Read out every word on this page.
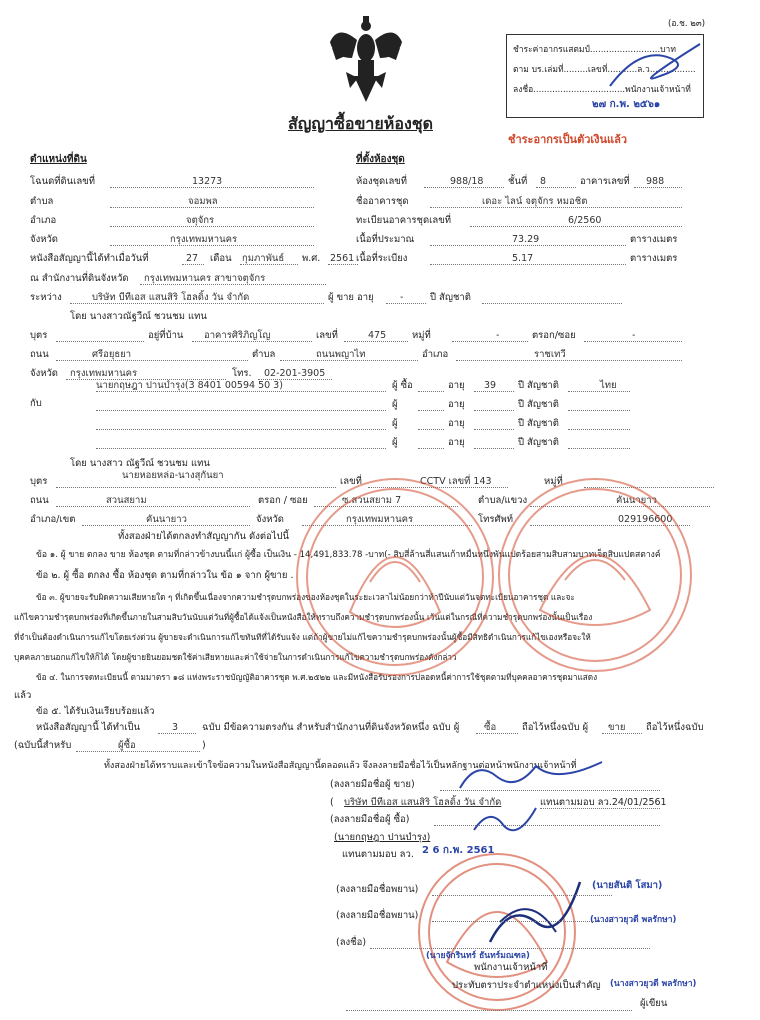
(อ.ช. ๒๓)
ชำระค่าอากรแสตมป์..........................บาท
ตาม บร.เล่มที่.........เลขที่...........ล.ว.................
ลงชื่อ..................................พนักงานเจ้าหน้าที่
๒๗ ก.พ. ๒๕๖๑
สัญญาซื้อขายห้องชุด
ชำระอากรเป็นตัวเงินแล้ว
ตำแหน่งที่ดิน
โฉนดที่ดินเลขที่	13273
ตำบล	จอมพล
อำเภอ	จตุจักร
จังหวัด	กรุงเทพมหานคร
หนังสือสัญญานี้ได้ทำเมื่อวันที่	27 เดือน กุมภาพันธ์ พ.ศ. 2561
ที่ตั้งห้องชุด
ห้องชุดเลขที่	988/18	ชั้นที่ 8	อาคารเลขที่ 988
ชื่ออาคารชุด	เดอะ ไลน์ จตุจักร หมอชิต
ทะเบียนอาคารชุดเลขที่	6/2560
เนื้อที่ประมาณ	73.29	ตารางเมตร
เนื้อที่ระเบียง	5.17	ตารางเมตร
ณ สำนักงานที่ดินจังหวัด กรุงเทพมหานคร สาขาจตุจักร
ระหว่าง	บริษัท บีทีเอส แสนสิริ โฮลดิ้ง วัน จำกัด	ผู้ ขาย อายุ	-	ปี สัญชาติ
โดย นางสาวณัฐวีณ์ ชวนชม แทน
บุตร	อยู่ที่บ้าน อาคารศิริภิญโญ	เลขที่	475	หมู่ที่	-	ตรอก/ซอย	-
ถนน	ศรีอยุธยา	ตำบล	ถนนพญาไท	อำเภอ	ราชเทวี
จังหวัด กรุงเทพมหานคร	โทร. 02-201-3905
กับ
นายกฤษฎา ปานบำรุง(3 8401 00594 50 3)	ผู้ ซื้อ	อายุ 39 ปี สัญชาติ	ไทย
ผู้	อายุ	ปี สัญชาติ
ผู้	อายุ	ปี สัญชาติ
ผู้	อายุ	ปี สัญชาติ
โดย นางสาว ณัฐวีณ์ ชวนชม แทน
บุตร
นายหอยหล่อ-นางสุกันยา
เลขที่	CCTV เลขที่ 143	หมู่ที่
ถนน	สวนสยาม	ตรอก / ซอย	ซ.สวนสยาม 7	ตำบล/แขวง	คันนายาว
อำเภอ/เขต	คันนายาว	จังหวัด	กรุงเทพมหานคร	โทรศัพท์	029196600
ทั้งสองฝ่ายได้ตกลงทำสัญญากัน ดังต่อไปนี้
ข้อ ๑. ผู้ ขาย ตกลง ขาย ห้องชุด ตามที่กล่าวข้างบนนี้แก่ ผู้ซื้อ เป็นเงิน - 14,491,833.78 -บาท(- สิบสี่ล้านสี่แสนเก้าหมื่นหนึ่งพันแปดร้อยสามสิบสามบาทเจ็ดสิบแปดสตางค์
ข้อ ๒. ผู้ ซื้อ ตกลง ซื้อ ห้องชุด ตามที่กล่าวใน ข้อ ๑ จาก ผู้ขาย .
ข้อ ๓. ผู้ขายจะรับผิดความเสียหายใด ๆ ที่เกิดขึ้นเนื่องจากความชำรุดบกพร่องของห้องชุดในระยะเวลาไม่น้อยกว่าห้าปีนับแต่วันจดทะเบียนอาคารชุด และจะ
แก้ไขความชำรุดบกพร่องที่เกิดขึ้นภายในสามสิบวันนับแต่วันที่ผู้ซื้อได้แจ้งเป็นหนังสือให้ทราบถึงความชำรุดบกพร่องนั้น เว้นแต่ในกรณีที่ความชำรุดบกพร่องนั้นเป็นเรื่อง
ที่จำเป็นต้องดำเนินการแก้ไขโดยเร่งด่วน ผู้ขายจะดำเนินการแก้ไขทันทีที่ได้รับแจ้ง แต่ถ้าผู้ขายไม่แก้ไขความชำรุดบกพร่องนั้นผู้ซื้อมีสิทธิดำเนินการแก้ไขเองหรือจะให้
บุคคลภายนอกแก้ไขให้ก็ได้ โดยผู้ขายยินยอมชดใช้ค่าเสียหายและค่าใช้จ่ายในการดำเนินการแก้ไขความชำรุดบกพร่องดังกล่าว
ข้อ ๔. ในการจดทะเบียนนี้ ตามมาตรา ๑๘ แห่งพระราชบัญญัติอาคารชุด พ.ศ.๒๕๒๒ และมีหนังสือรับรองการปลอดหนี้ค่าการใช้ชุดตามที่บุคคลอาคารชุดมาแสดง
แล้ว
ข้อ ๕. ได้รับเงินเรียบร้อยแล้ว
หนังสือสัญญานี้ ได้ทำเป็น	3	ฉบับ มีข้อความตรงกัน สำหรับสำนักงานที่ดินจังหวัดหนึ่ง ฉบับ ผู้	ซื้อ	ถือไว้หนึ่งฉบับ ผู้ ขาย ถือไว้หนึ่งฉบับ
(ฉบับนี้สำหรับ	ผู้ซื้อ	)
ทั้งสองฝ่ายได้ทราบและเข้าใจข้อความในหนังสือสัญญานี้ตลอดแล้ว จึงลงลายมือชื่อไว้เป็นหลักฐานต่อหน้าพนักงานเจ้าหน้าที่
(ลงลายมือชื่อผู้ ขาย)
( บริษัท บีทีเอส แสนสิริ โฮลดิ้ง วัน จำกัด	แทนตามมอบ ลว.24/01/2561
(ลงลายมือชื่อผู้ ซื้อ)
(นายกฤษฎา ปานบำรุง)
แทนตามมอบ ลว. 2 6 ก.พ. 2561
(ลงลายมือชื่อพยาน)	(นายสันติ โสมา)
(ลงลายมือชื่อพยาน)	(นางสาวยุวดี พลรักษา)
(ลงชื่อ)
(นายจักรินทร์ ธันทร์มณฑล)
พนักงานเจ้าหน้าที่
ประทับตราประจำตำแหน่งเป็นสำคัญ (นางสาวยุวดี พลรักษา)
ผู้เขียน
